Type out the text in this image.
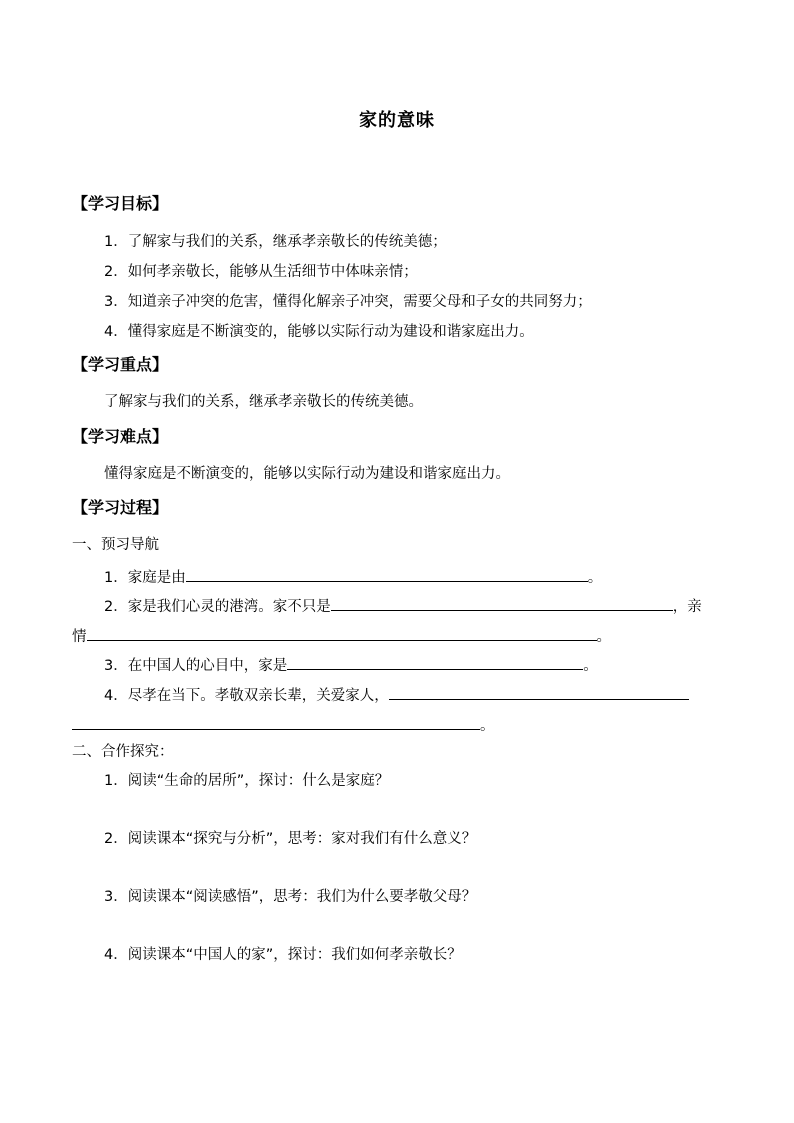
家的意味
【学习目标】
1．了解家与我们的关系，继承孝亲敬长的传统美德；
2．如何孝亲敬长，能够从生活细节中体味亲情；
3．知道亲子冲突的危害，懂得化解亲子冲突，需要父母和子女的共同努力；
4．懂得家庭是不断演变的，能够以实际行动为建设和谐家庭出力。
【学习重点】
了解家与我们的关系，继承孝亲敬长的传统美德。
【学习难点】
懂得家庭是不断演变的，能够以实际行动为建设和谐家庭出力。
【学习过程】
一、预习导航
1．家庭是由	。
2．家是我们心灵的港湾。家不只是	，亲
情	。
3．在中国人的心目中，家是	。
4．尽孝在当下。孝敬双亲长辈，关爱家人，
。
二、合作探究：
1．阅读“生命的居所”，探讨：什么是家庭？
2．阅读课本“探究与分析”，思考：家对我们有什么意义？
3．阅读课本“阅读感悟”，思考：我们为什么要孝敬父母？
4．阅读课本“中国人的家”，探讨：我们如何孝亲敬长？
